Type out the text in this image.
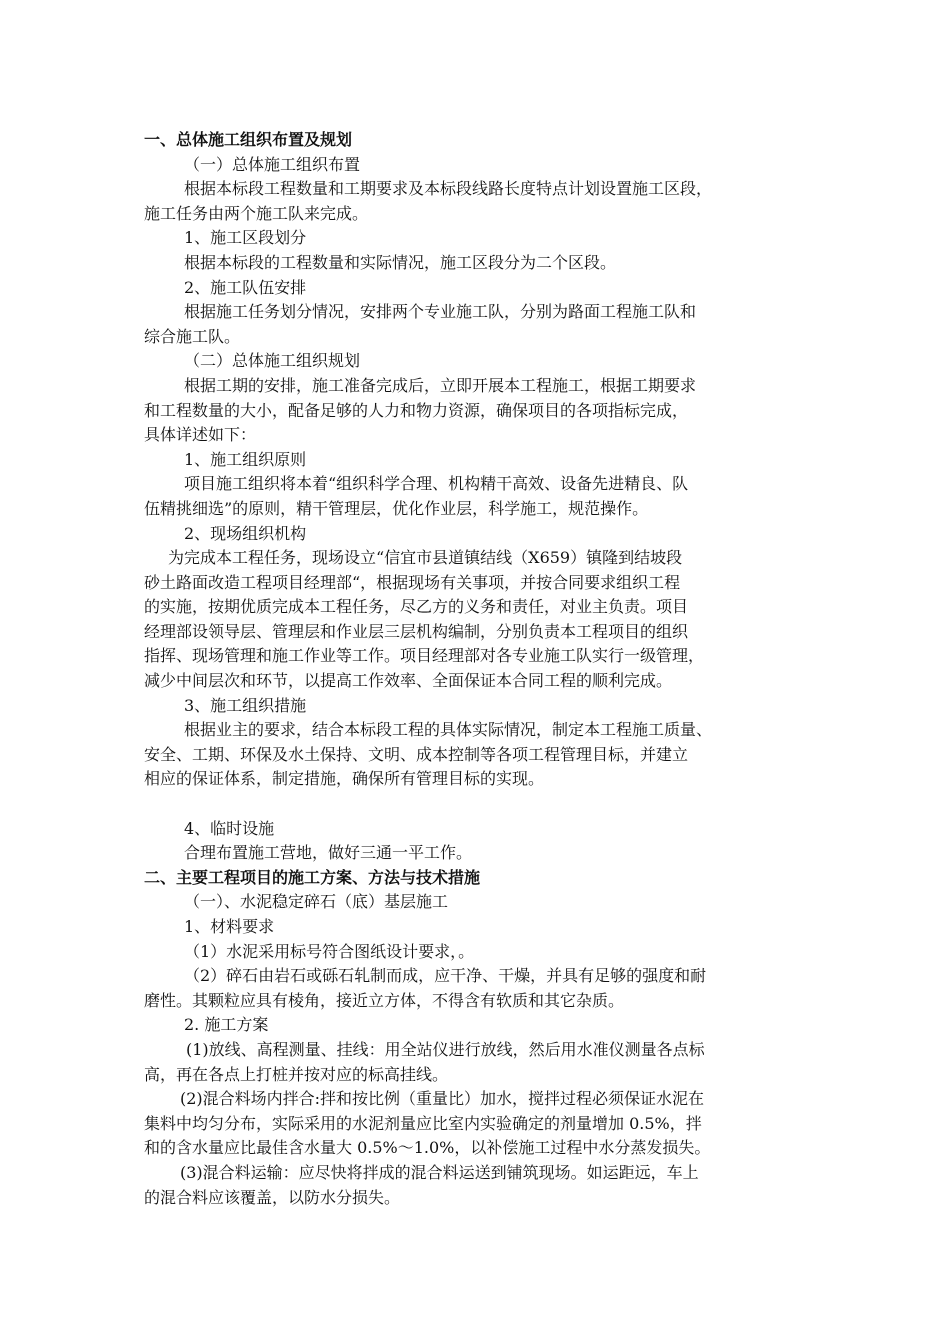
一、总体施工组织布置及规划
（一）总体施工组织布置
根据本标段工程数量和工期要求及本标段线路长度特点计划设置施工区段，
施工任务由两个施工队来完成。
1、施工区段划分
根据本标段的工程数量和实际情况，施工区段分为二个区段。
2、施工队伍安排
根据施工任务划分情况，安排两个专业施工队，分别为路面工程施工队和
综合施工队。
（二）总体施工组织规划
根据工期的安排，施工准备完成后，立即开展本工程施工，根据工期要求
和工程数量的大小，配备足够的人力和物力资源，确保项目的各项指标完成，
具体详述如下：
1、施工组织原则
项目施工组织将本着“组织科学合理、机构精干高效、设备先进精良、队
伍精挑细选”的原则，精干管理层，优化作业层，科学施工，规范操作。
2、现场组织机构
为完成本工程任务，现场设立“信宜市县道镇结线（X659）镇隆到结坡段
砂土路面改造工程项目经理部“，根据现场有关事项，并按合同要求组织工程
的实施，按期优质完成本工程任务，尽乙方的义务和责任，对业主负责。项目
经理部设领导层、管理层和作业层三层机构编制，分别负责本工程项目的组织
指挥、现场管理和施工作业等工作。项目经理部对各专业施工队实行一级管理，
减少中间层次和环节，以提高工作效率、全面保证本合同工程的顺利完成。
3、施工组织措施
根据业主的要求，结合本标段工程的具体实际情况，制定本工程施工质量、
安全、工期、环保及水土保持、文明、成本控制等各项工程管理目标，并建立
相应的保证体系，制定措施，确保所有管理目标的实现。
4、临时设施
合理布置施工营地，做好三通一平工作。
二、主要工程项目的施工方案、方法与技术措施
（一）、水泥稳定碎石（底）基层施工
1、材料要求
（1）水泥采用标号符合图纸设计要求，。
（2）碎石由岩石或砾石轧制而成，应干净、干燥，并具有足够的强度和耐
磨性。其颗粒应具有棱角，接近立方体，不得含有软质和其它杂质。
2. 施工方案
(1)放线、高程测量、挂线：用全站仪进行放线，然后用水准仪测量各点标
高，再在各点上打桩并按对应的标高挂线。
(2)混合料场内拌合:拌和按比例（重量比）加水，搅拌过程必须保证水泥在
集料中均匀分布，实际采用的水泥剂量应比室内实验确定的剂量增加 0.5%，拌
和的含水量应比最佳含水量大 0.5%～1.0%，以补偿施工过程中水分蒸发损失。
(3)混合料运输：应尽快将拌成的混合料运送到铺筑现场。如运距远，车上
的混合料应该覆盖，以防水分损失。
